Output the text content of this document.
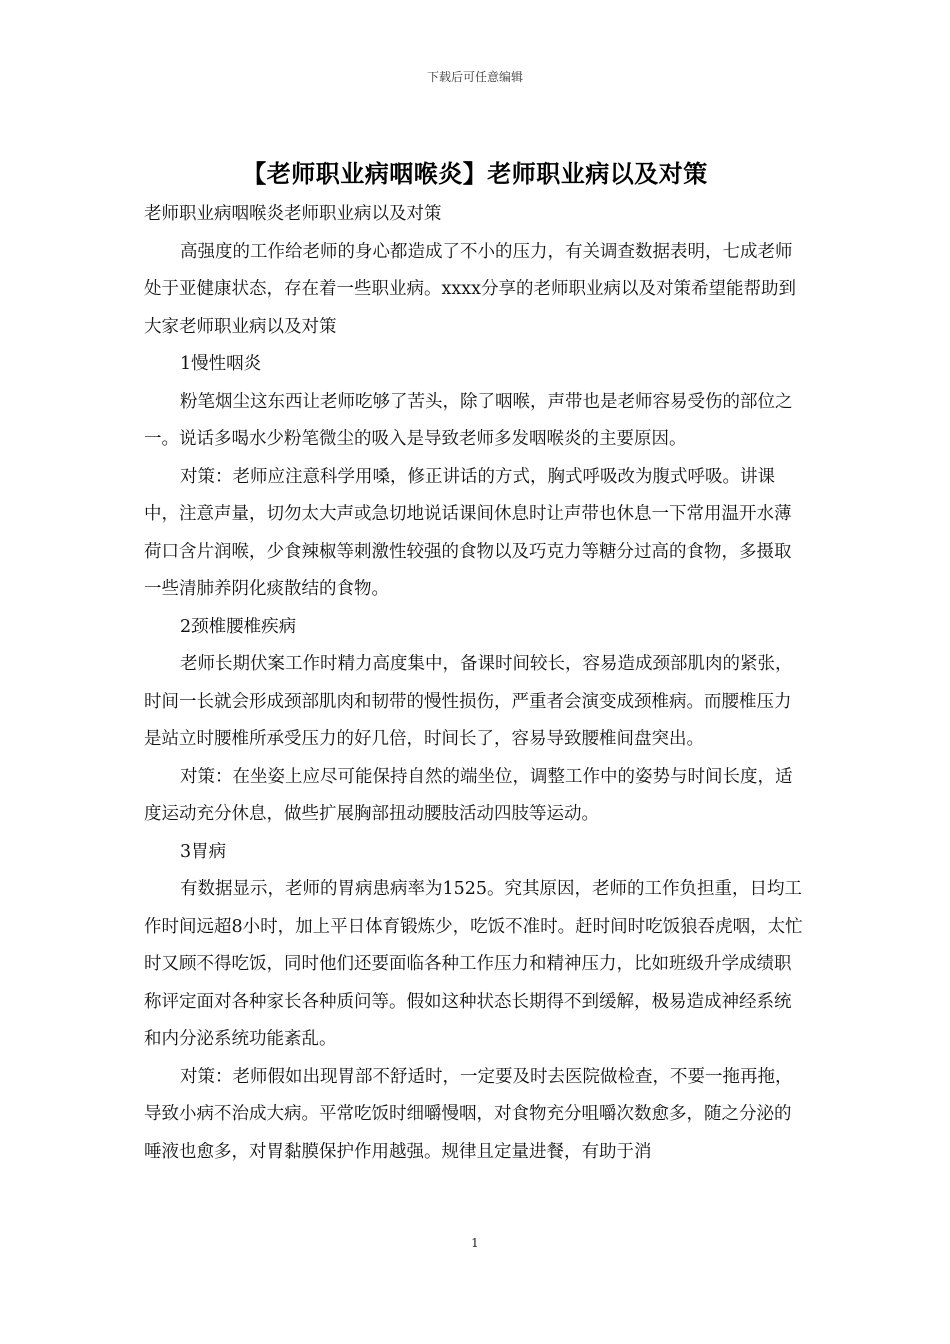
下载后可任意编辑
【老师职业病咽喉炎】老师职业病以及对策

老师职业病咽喉炎老师职业病以及对策

高强度的工作给老师的身心都造成了不小的压力，有关调查数据表明，七成老师处于亚健康状态，存在着一些职业病。xxxx分享的老师职业病以及对策希望能帮助到大家老师职业病以及对策

1慢性咽炎

粉笔烟尘这东西让老师吃够了苦头，除了咽喉，声带也是老师容易受伤的部位之一。说话多喝水少粉笔微尘的吸入是导致老师多发咽喉炎的主要原因。

对策：老师应注意科学用嗓，修正讲话的方式，胸式呼吸改为腹式呼吸。讲课中，注意声量，切勿太大声或急切地说话课间休息时让声带也休息一下常用温开水薄荷口含片润喉，少食辣椒等刺激性较强的食物以及巧克力等糖分过高的食物，多摄取一些清肺养阴化痰散结的食物。

2颈椎腰椎疾病

老师长期伏案工作时精力高度集中，备课时间较长，容易造成颈部肌肉的紧张，时间一长就会形成颈部肌肉和韧带的慢性损伤，严重者会演变成颈椎病。而腰椎压力是站立时腰椎所承受压力的好几倍，时间长了，容易导致腰椎间盘突出。

对策：在坐姿上应尽可能保持自然的端坐位，调整工作中的姿势与时间长度，适度运动充分休息，做些扩展胸部扭动腰肢活动四肢等运动。

3胃病

有数据显示，老师的胃病患病率为1525。究其原因，老师的工作负担重，日均工作时间远超8小时，加上平日体育锻炼少，吃饭不准时。赶时间时吃饭狼吞虎咽，太忙时又顾不得吃饭，同时他们还要面临各种工作压力和精神压力，比如班级升学成绩职称评定面对各种家长各种质问等。假如这种状态长期得不到缓解，极易造成神经系统和内分泌系统功能紊乱。

对策：老师假如出现胃部不舒适时，一定要及时去医院做检查，不要一拖再拖，导致小病不治成大病。平常吃饭时细嚼慢咽，对食物充分咀嚼次数愈多，随之分泌的唾液也愈多，对胃黏膜保护作用越强。规律且定量进餐，有助于消

1
